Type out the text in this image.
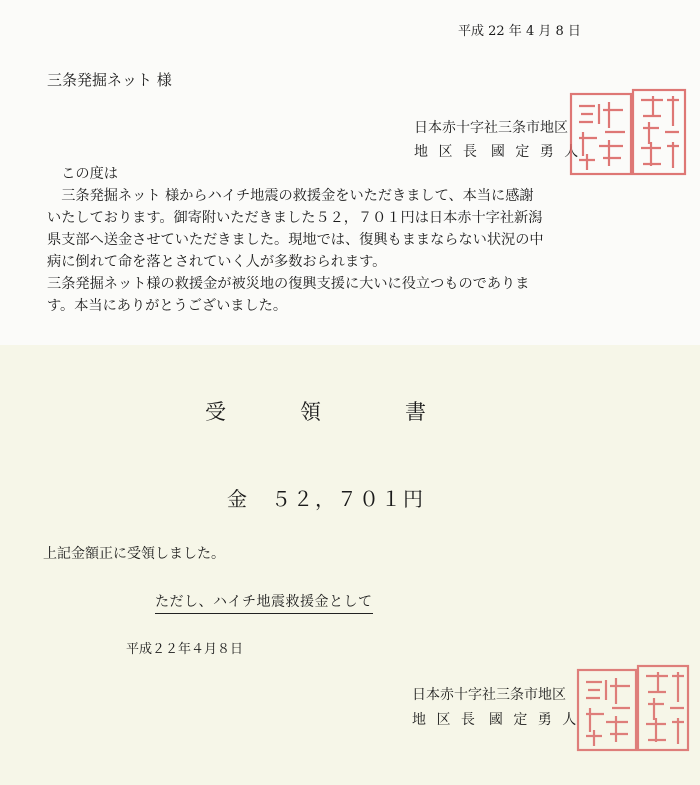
平成 22 年 4 月 8 日
三条発掘ネット 様
日本赤十字社三条市地区
地 区 長　國 定 勇 人
　この度は
　三条発掘ネット 様からハイチ地震の救援金をいただきまして、本当に感謝
いたしております。御寄附いただきました５２，７０１円は日本赤十字社新潟
県支部へ送金させていただきました。現地では、復興もままならない状況の中
病に倒れて命を落とされていく人が多数おられます。
三条発掘ネット様の救援金が被災地の復興支援に大いに役立つものでありま
す。本当にありがとうございました。
受	領	書
金　５２，７０１円
上記金額正に受領しました。
ただし、ハイチ地震救援金として
平成２２年４月８日
日本赤十字社三条市地区
地 区 長　國 定 勇 人
